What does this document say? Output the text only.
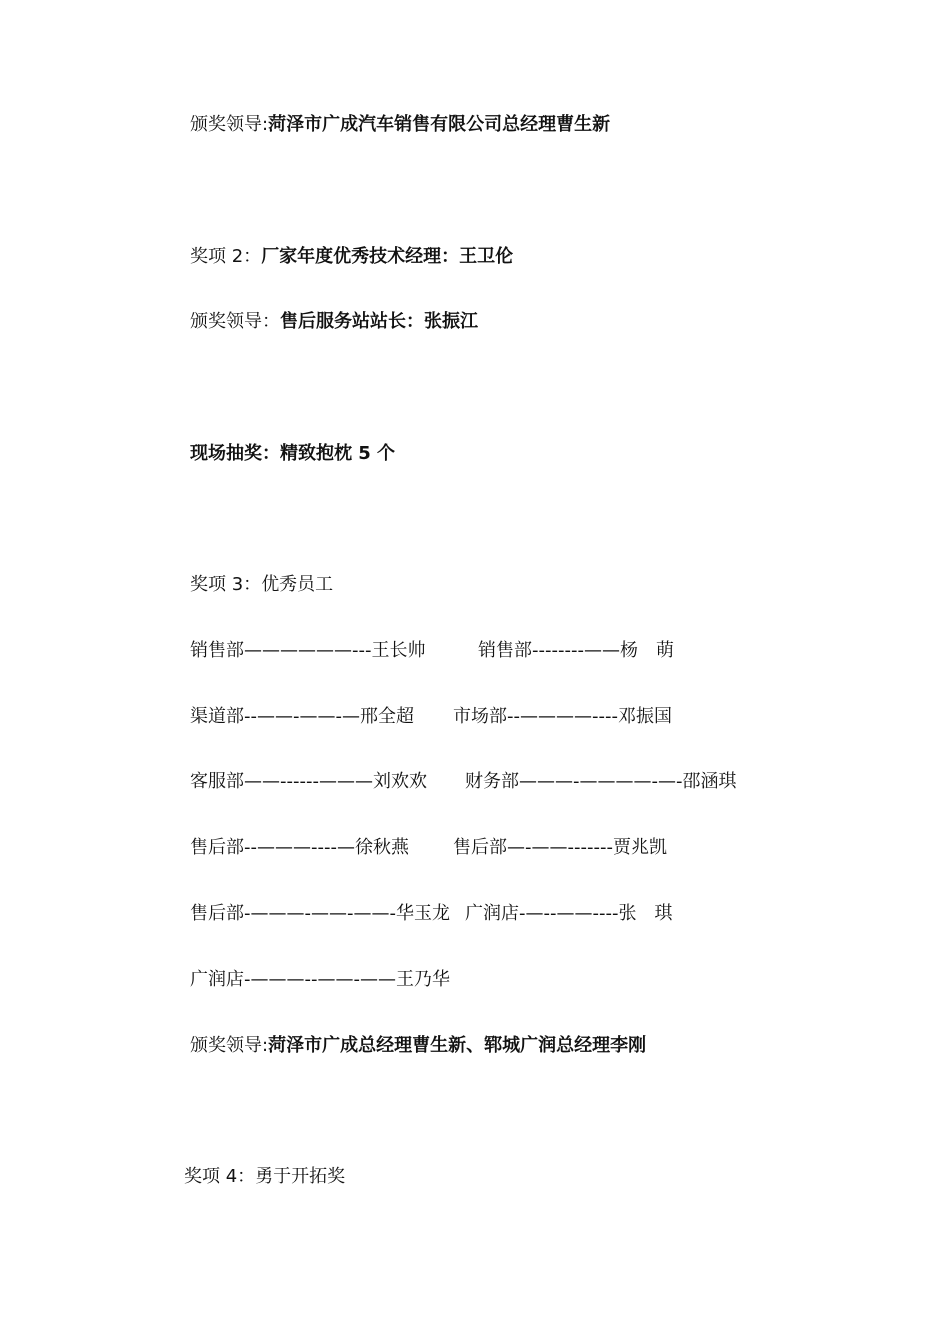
颁奖领导:菏泽市广成汽车销售有限公司总经理曹生新
奖项 2：厂家年度优秀技术经理：王卫伦
颁奖领导：售后服务站站长：张振江
现场抽奖：精致抱枕 5 个
奖项 3：优秀员工
销售部——————---王长帅	销售部--------——杨　萌
渠道部--——-——-—邢全超 市场部--————----邓振国
客服部——------———刘欢欢 财务部———-————-—-邵涵琪
售后部--———----—徐秋燕 售后部—-——-------贾兆凯
售后部-———-——-——-华玉龙 广润店-—--——----张　琪
广润店-———--——-——王乃华
颁奖领导:菏泽市广成总经理曹生新、郓城广润总经理李刚
奖项 4：勇于开拓奖
